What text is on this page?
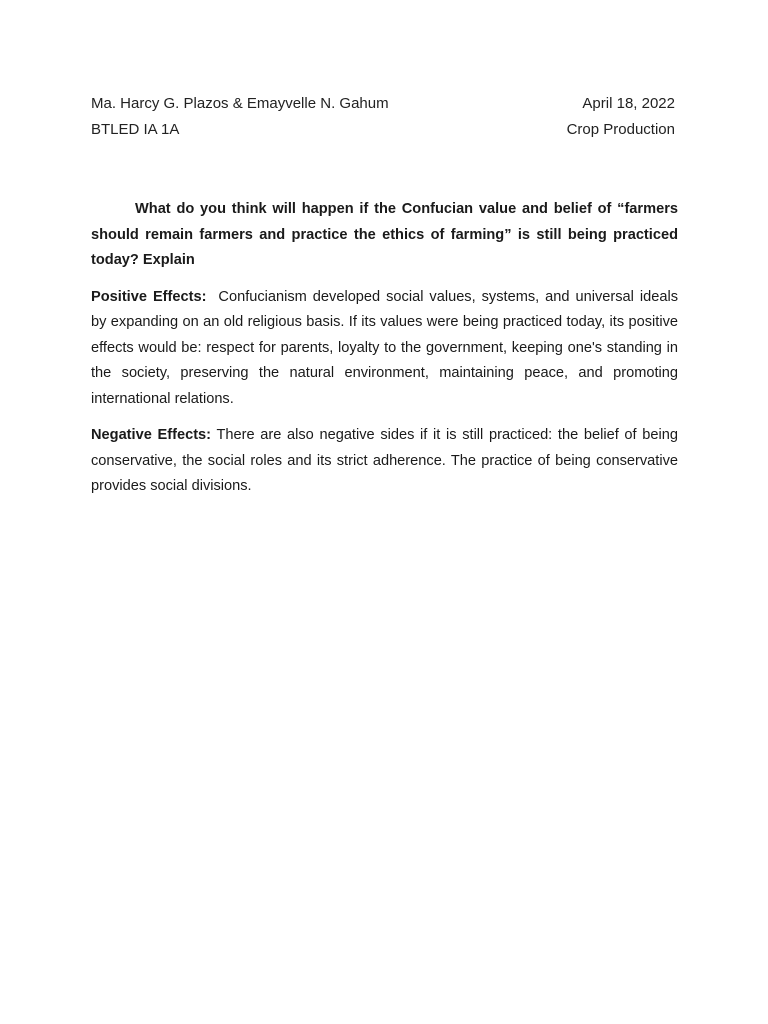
Ma. Harcy G. Plazos & Emayvelle N. Gahum	April 18, 2022
BTLED IA 1A	Crop Production

What do you think will happen if the Confucian value and belief of “farmers should remain farmers and practice the ethics of farming” is still being practiced today? Explain

Positive Effects: Confucianism developed social values, systems, and universal ideals by expanding on an old religious basis. If its values were being practiced today, its positive effects would be: respect for parents, loyalty to the government, keeping one's standing in the society, preserving the natural environment, maintaining peace, and promoting international relations.

Negative Effects: There are also negative sides if it is still practiced: the belief of being conservative, the social roles and its strict adherence. The practice of being conservative provides social divisions.
